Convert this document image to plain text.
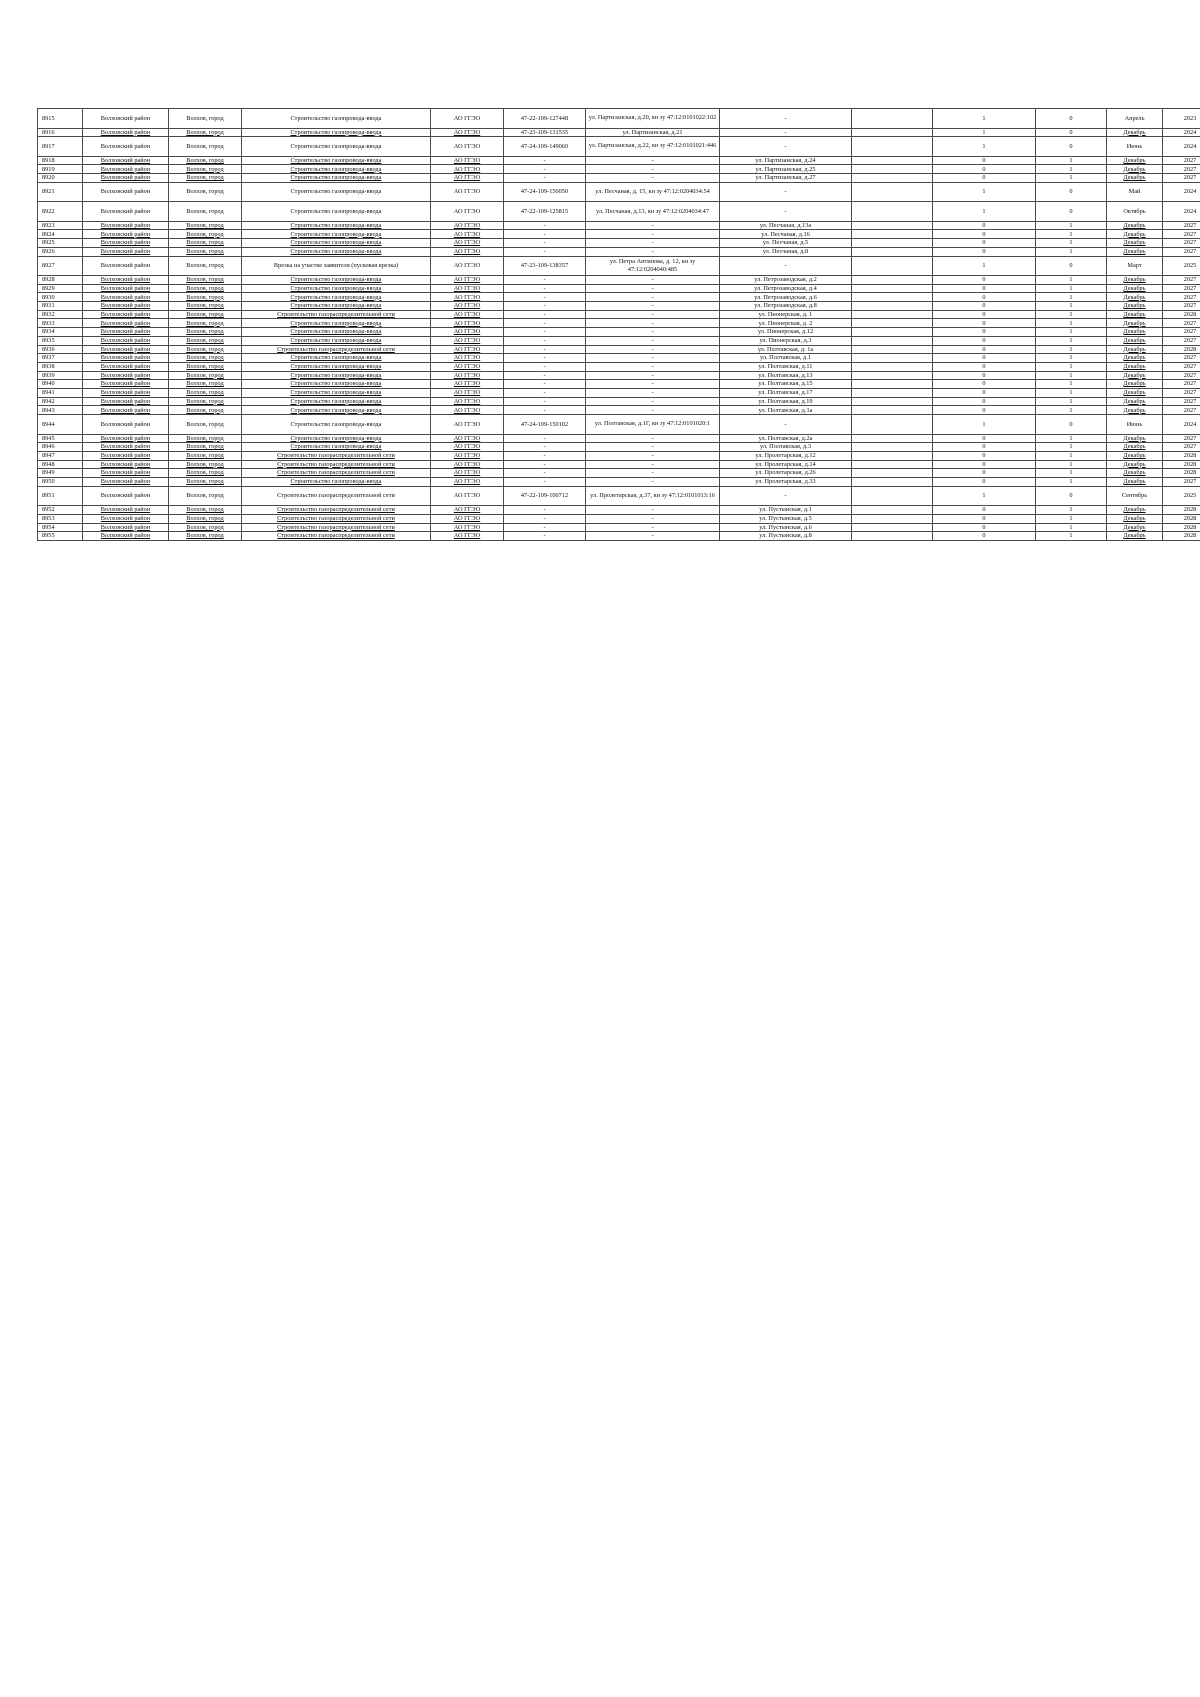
8915	Волховский район	Волхов, город	Строительство газопровода-ввода	АО ГГЭО	47-22-109-127448	ул. Партизанская, д.20, кн зу 47:12:0101022:102	-		1	0	Апрель	2023
8916	Волховский район	Волхов, город	Строительство газопровода-ввода	АО ГГЭО	47-23-109-131535	ул. Партизанская, д.21	-		1	0	Декабрь	2024
8917	Волховский район	Волхов, город	Строительство газопровода-ввода	АО ГГЭО	47-24-109-149060	ул. Партизанская, д.22, кн зу 47:12:0101021:446	-		1	0	Июнь	2024
8918	Волховский район	Волхов, город	Строительство газопровода-ввода	АО ГГЭО	-	-	ул. Партизанская, д.24		0	1	Декабрь	2027
8919	Волховский район	Волхов, город	Строительство газопровода-ввода	АО ГГЭО	-	-	ул. Партизанская, д.25		0	1	Декабрь	2027
8920	Волховский район	Волхов, город	Строительство газопровода-ввода	АО ГГЭО	-	-	ул. Партизанская, д.27		0	1	Декабрь	2027
8921	Волховский район	Волхов, город	Строительство газопровода-ввода	АО ГГЭО	47-24-109-150050	ул. Песчаная, д. 15, кн зу 47:12:0204034:54	-		1	0	Май	2024
8922	Волховский район	Волхов, город	Строительство газопровода-ввода	АО ГГЭО	47-22-109-125815	ул. Песчаная, д.13, кн зу 47:12:0204034:47	-		1	0	Октябрь	2024
8923	Волховский район	Волхов, город	Строительство газопровода-ввода	АО ГГЭО	-	-	ул. Песчаная, д.13а		0	1	Декабрь	2027
8924	Волховский район	Волхов, город	Строительство газопровода-ввода	АО ГГЭО	-	-	ул. Песчаная, д.16		0	1	Декабрь	2027
8925	Волховский район	Волхов, город	Строительство газопровода-ввода	АО ГГЭО	-	-	ул. Песчаная, д.5		0	1	Декабрь	2027
8926	Волховский район	Волхов, город	Строительство газопровода-ввода	АО ГГЭО	-	-	ул. Песчаная, д.8		0	1	Декабрь	2027
8927	Волховский район	Волхов, город	Врезка на участке заявителя (пусковая врезка)	АО ГГЭО	47-23-109-138357	ул. Петра Антипова, д. 12, кн зу 47:12:0204040:485	-		1	0	Март	2025
8928	Волховский район	Волхов, город	Строительство газопровода-ввода	АО ГГЭО	-	-	ул. Петрозаводская, д.2		0	1	Декабрь	2027
8929	Волховский район	Волхов, город	Строительство газопровода-ввода	АО ГГЭО	-	-	ул. Петрозаводская, д.4		0	1	Декабрь	2027
8930	Волховский район	Волхов, город	Строительство газопровода-ввода	АО ГГЭО	-	-	ул. Петрозаводская, д.6		0	1	Декабрь	2027
8931	Волховский район	Волхов, город	Строительство газопровода-ввода	АО ГГЭО	-	-	ул. Петрозаводская, д.8		0	1	Декабрь	2027
8932	Волховский район	Волхов, город	Строительство газораспределительной сети	АО ГГЭО	-	-	ул. Пионерская, д. 1		0	1	Декабрь	2028
8933	Волховский район	Волхов, город	Строительство газопровода-ввода	АО ГГЭО	-	-	ул. Пионерская, д. 2		0	1	Декабрь	2027
8934	Волховский район	Волхов, город	Строительство газопровода-ввода	АО ГГЭО	-	-	ул. Пионерская, д.12		0	1	Декабрь	2027
8935	Волховский район	Волхов, город	Строительство газопровода-ввода	АО ГГЭО	-	-	ул. Пионерская, д.3		0	1	Декабрь	2027
8936	Волховский район	Волхов, город	Строительство газораспределительной сети	АО ГГЭО	-	-	ул. Полтавская, д. 1а		0	1	Декабрь	2028
8937	Волховский район	Волхов, город	Строительство газопровода-ввода	АО ГГЭО	-	-	ул. Полтавская, д.1		0	1	Декабрь	2027
8938	Волховский район	Волхов, город	Строительство газопровода-ввода	АО ГГЭО	-	-	ул. Полтавская, д.11		0	1	Декабрь	2027
8939	Волховский район	Волхов, город	Строительство газопровода-ввода	АО ГГЭО	-	-	ул. Полтавская, д.13		0	1	Декабрь	2027
8940	Волховский район	Волхов, город	Строительство газопровода-ввода	АО ГГЭО	-	-	ул. Полтавская, д.15		0	1	Декабрь	2027
8941	Волховский район	Волхов, город	Строительство газопровода-ввода	АО ГГЭО	-	-	ул. Полтавская, д.17		0	1	Декабрь	2027
8942	Волховский район	Волхов, город	Строительство газопровода-ввода	АО ГГЭО	-	-	ул. Полтавская, д.19		0	1	Декабрь	2027
8943	Волховский район	Волхов, город	Строительство газопровода-ввода	АО ГГЭО	-	-	ул. Полтавская, д.1а		0	1	Декабрь	2027
8944	Волховский район	Волхов, город	Строительство газопровода-ввода	АО ГГЭО	47-24-109-150102	ул. Полтавская, д.1Г, кн зу 47:12:0101020:1	-		1	0	Июнь	2024
8945	Волховский район	Волхов, город	Строительство газопровода-ввода	АО ГГЭО	-	-	ул. Полтавская, д.2а		0	1	Декабрь	2027
8946	Волховский район	Волхов, город	Строительство газопровода-ввода	АО ГГЭО	-	-	ул. Полтавская, д.3		0	1	Декабрь	2027
8947	Волховский район	Волхов, город	Строительство газораспределительной сети	АО ГГЭО	-	-	ул. Пролетарская, д.12		0	1	Декабрь	2028
8948	Волховский район	Волхов, город	Строительство газораспределительной сети	АО ГГЭО	-	-	ул. Пролетарская, д.14		0	1	Декабрь	2028
8949	Волховский район	Волхов, город	Строительство газораспределительной сети	АО ГГЭО	-	-	ул. Пролетарская, д.26		0	1	Декабрь	2028
8950	Волховский район	Волхов, город	Строительство газопровода-ввода	АО ГГЭО	-	-	ул. Пролетарская, д.33		0	1	Декабрь	2027
8951	Волховский район	Волхов, город	Строительство газораспределительной сети	АО ГГЭО	47-22-109-100712	ул. Пролетарская, д.37, кн зу 47:12:0101013:16	-		1	0	Сентябрь	2025
8952	Волховский район	Волхов, город	Строительство газораспределительной сети	АО ГГЭО	-	-	ул. Пустынская, д.1		0	1	Декабрь	2028
8953	Волховский район	Волхов, город	Строительство газораспределительной сети	АО ГГЭО	-	-	ул. Пустынская, д.5		0	1	Декабрь	2028
8954	Волховский район	Волхов, город	Строительство газораспределительной сети	АО ГГЭО	-	-	ул. Пустынская, д.6		0	1	Декабрь	2028
8955	Волховский район	Волхов, город	Строительство газораспределительной сети	АО ГГЭО	-	-	ул. Пустынская, д.8		0	1	Декабрь	2028
